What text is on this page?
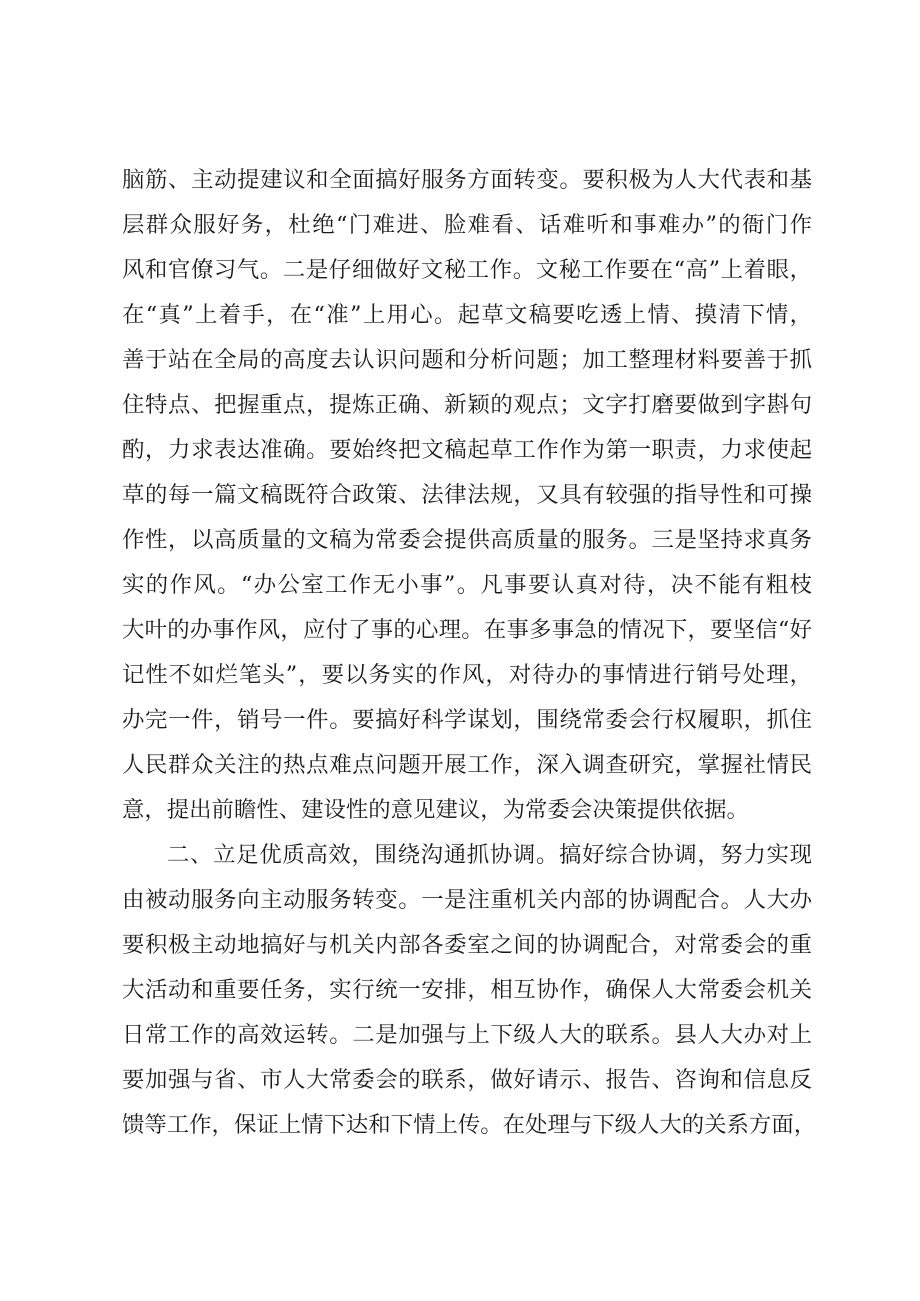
脑筋、主动提建议和全面搞好服务方面转变。要积极为人大代表和基
层群众服好务，杜绝“门难进、脸难看、话难听和事难办”的衙门作
风和官僚习气。二是仔细做好文秘工作。文秘工作要在“高”上着眼，
在“真”上着手，在“准”上用心。起草文稿要吃透上情、摸清下情，
善于站在全局的高度去认识问题和分析问题；加工整理材料要善于抓
住特点、把握重点，提炼正确、新颖的观点；文字打磨要做到字斟句
酌，力求表达准确。要始终把文稿起草工作作为第一职责，力求使起
草的每一篇文稿既符合政策、法律法规，又具有较强的指导性和可操
作性，以高质量的文稿为常委会提供高质量的服务。三是坚持求真务
实的作风。“办公室工作无小事”。凡事要认真对待，决不能有粗枝
大叶的办事作风，应付了事的心理。在事多事急的情况下，要坚信“好
记性不如烂笔头”，要以务实的作风，对待办的事情进行销号处理，
办完一件，销号一件。要搞好科学谋划，围绕常委会行权履职，抓住
人民群众关注的热点难点问题开展工作，深入调查研究，掌握社情民
意，提出前瞻性、建设性的意见建议，为常委会决策提供依据。
二、立足优质高效，围绕沟通抓协调。搞好综合协调，努力实现
由被动服务向主动服务转变。一是注重机关内部的协调配合。人大办
要积极主动地搞好与机关内部各委室之间的协调配合，对常委会的重
大活动和重要任务，实行统一安排，相互协作，确保人大常委会机关
日常工作的高效运转。二是加强与上下级人大的联系。县人大办对上
要加强与省、市人大常委会的联系，做好请示、报告、咨询和信息反
馈等工作，保证上情下达和下情上传。在处理与下级人大的关系方面，
